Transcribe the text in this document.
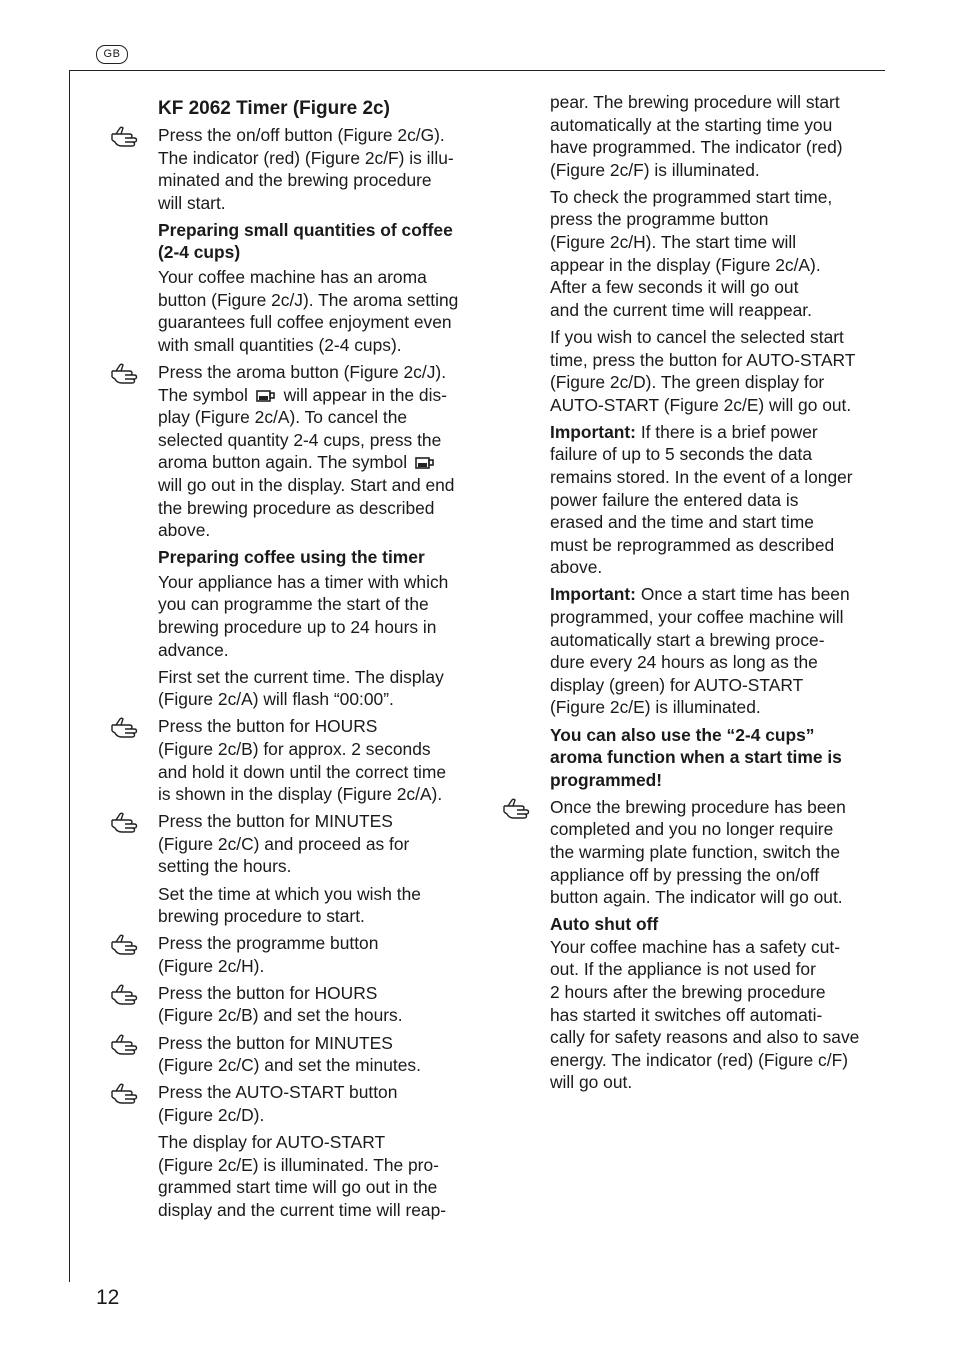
GB
12
KF 2062 Timer (Figure 2c)
Press the on/off button (Figure 2c/G).
The indicator (red) (Figure 2c/F) is illu-
minated and the brewing procedure
will start.
Preparing small quantities of coffee
(2-4 cups)
Your coffee machine has an aroma
button (Figure 2c/J). The aroma setting
guarantees full coffee enjoyment even
with small quantities (2-4 cups).
Press the aroma button (Figure 2c/J).
The symbol will appear in the dis-
play (Figure 2c/A). To cancel the
selected quantity 2-4 cups, press the
aroma button again. The symbol
will go out in the display. Start and end
the brewing procedure as described
above.
Preparing coffee using the timer
Your appliance has a timer with which
you can programme the start of the
brewing procedure up to 24 hours in
advance.
First set the current time. The display
(Figure 2c/A) will flash “00:00”.
Press the button for HOURS
(Figure 2c/B) for approx. 2 seconds
and hold it down until the correct time
is shown in the display (Figure 2c/A).
Press the button for MINUTES
(Figure 2c/C) and proceed as for
setting the hours.
Set the time at which you wish the
brewing procedure to start.
Press the programme button
(Figure 2c/H).
Press the button for HOURS
(Figure 2c/B) and set the hours.
Press the button for MINUTES
(Figure 2c/C) and set the minutes.
Press the AUTO-START button
(Figure 2c/D).
The display for AUTO-START
(Figure 2c/E) is illuminated. The pro-
grammed start time will go out in the
display and the current time will reap-
pear. The brewing procedure will start
automatically at the starting time you
have programmed. The indicator (red)
(Figure 2c/F) is illuminated.
To check the programmed start time,
press the programme button
(Figure 2c/H). The start time will
appear in the display (Figure 2c/A).
After a few seconds it will go out
and the current time will reappear.
If you wish to cancel the selected start
time, press the button for AUTO-START
(Figure 2c/D). The green display for
AUTO-START (Figure 2c/E) will go out.
Important: If there is a brief power
failure of up to 5 seconds the data
remains stored. In the event of a longer
power failure the entered data is
erased and the time and start time
must be reprogrammed as described
above.
Important: Once a start time has been
programmed, your coffee machine will
automatically start a brewing proce-
dure every 24 hours as long as the
display (green) for AUTO-START
(Figure 2c/E) is illuminated.
You can also use the “2-4 cups”
aroma function when a start time is
programmed!
Once the brewing procedure has been
completed and you no longer require
the warming plate function, switch the
appliance off by pressing the on/off
button again. The indicator will go out.
Auto shut off
Your coffee machine has a safety cut-
out. If the appliance is not used for
2 hours after the brewing procedure
has started it switches off automati-
cally for safety reasons and also to save
energy. The indicator (red) (Figure c/F)
will go out.
